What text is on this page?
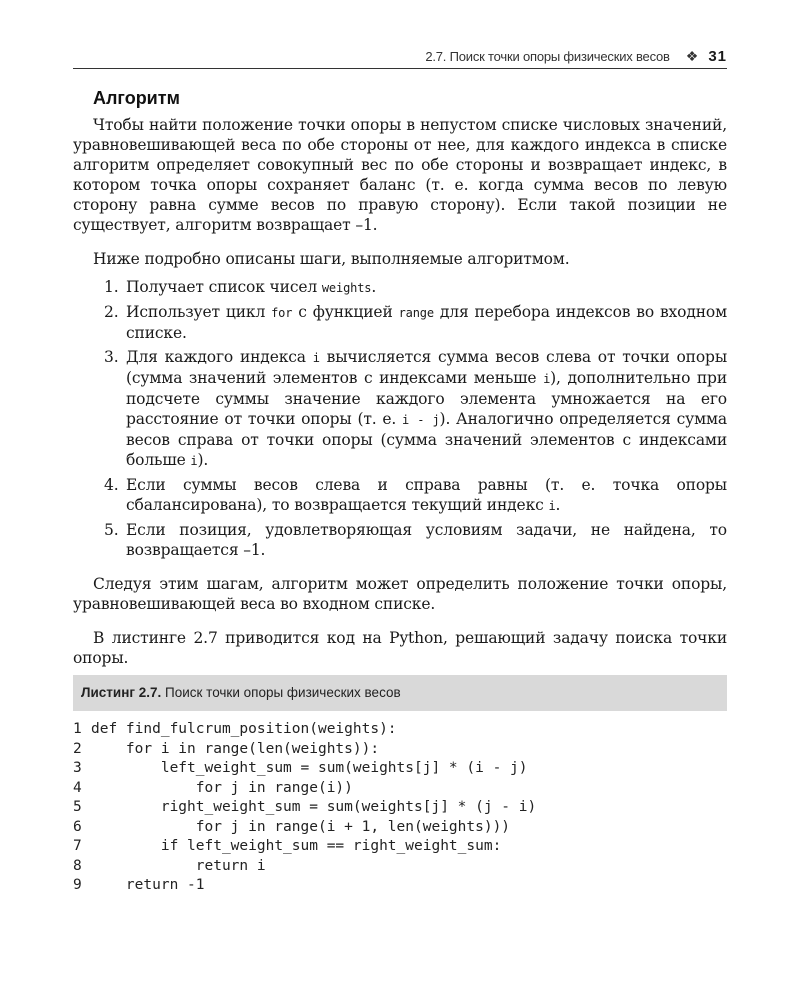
2.7. Поиск точки опоры физических весов ❖ 31
Алгоритм

Чтобы найти положение точки опоры в непустом списке числовых значений, уравновешивающей веса по обе стороны от нее, для каждого индекса в списке алгоритм определяет совокупный вес по обе стороны и возвращает индекс, в котором точка опоры сохраняет баланс (т. е. когда сумма весов по левую сторону равна сумме весов по правую сторону). Если такой позиции не существует, алгоритм возвращает –1.

Ниже подробно описаны шаги, выполняемые алгоритмом.

1. Получает список чисел weights.
2. Использует цикл for с функцией range для перебора индексов во входном списке.
3. Для каждого индекса i вычисляется сумма весов слева от точки опоры (сумма значений элементов с индексами меньше i), дополнительно при подсчете суммы значение каждого элемента умножается на его расстояние от точки опоры (т. е. i - j). Аналогично определяется сумма весов справа от точки опоры (сумма значений элементов с индексами больше i).
4. Если суммы весов слева и справа равны (т. е. точка опоры сбалансирована), то возвращается текущий индекс i.
5. Если позиция, удовлетворяющая условиям задачи, не найдена, то возвращается –1.

Следуя этим шагам, алгоритм может определить положение точки опоры, уравновешивающей веса во входном списке.

В листинге 2.7 приводится код на Python, решающий задачу поиска точки опоры.

Листинг 2.7. Поиск точки опоры физических весов
1 def find_fulcrum_position(weights):
2 for i in range(len(weights)):
3 left_weight_sum = sum(weights[j] * (i - j)
4 for j in range(i))
5 right_weight_sum = sum(weights[j] * (j - i)
6 for j in range(i + 1, len(weights)))
7 if left_weight_sum == right_weight_sum:
8 return i
9 return -1
